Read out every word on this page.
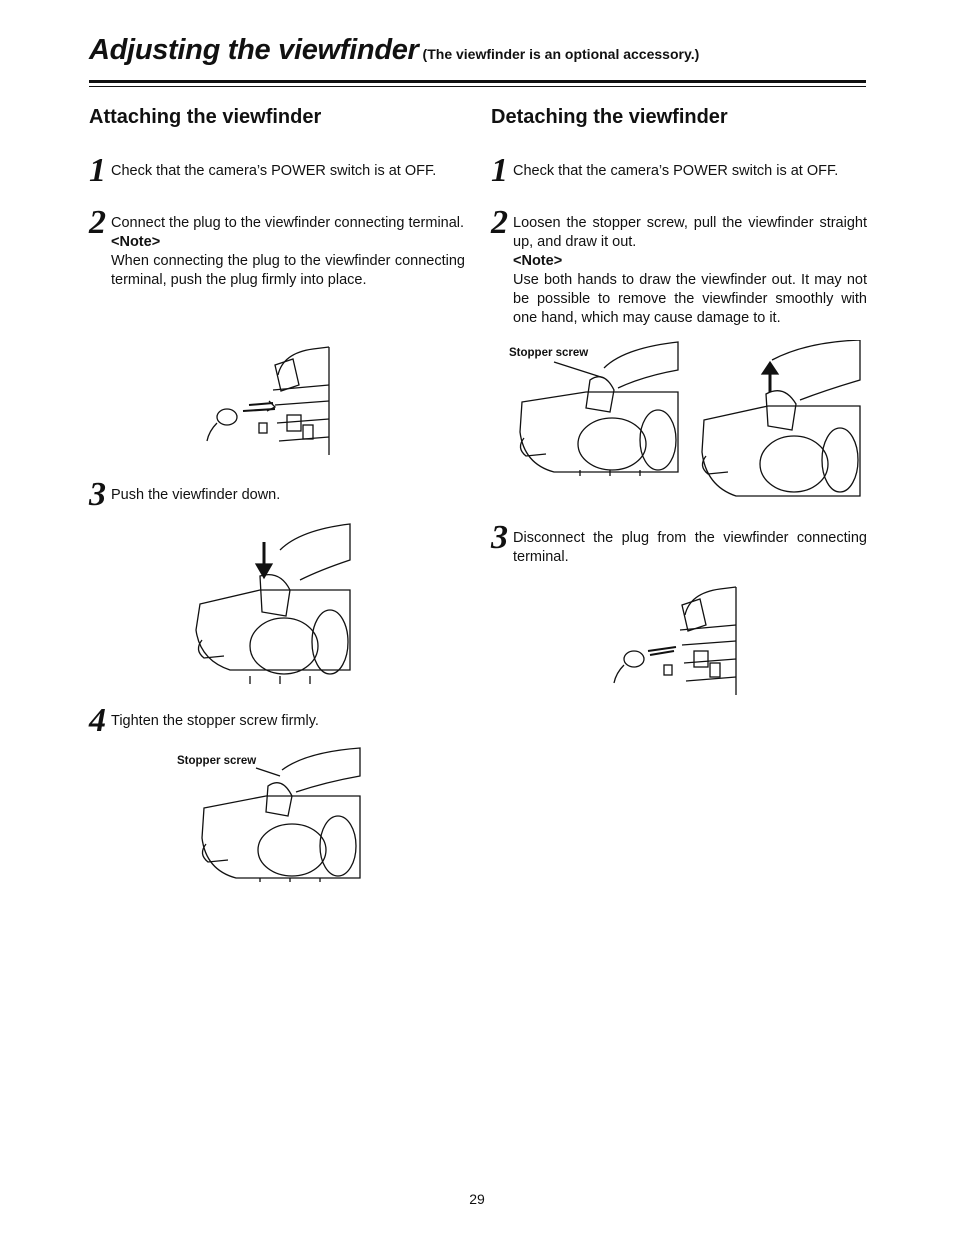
Adjusting the viewfinder (The viewfinder is an optional accessory.)
Attaching the viewfinder
1 Check that the camera’s POWER switch is at OFF.
2 Connect the plug to the viewfinder connecting terminal.
<Note>
When connecting the plug to the viewfinder connecting terminal, push the plug firmly into place.
3 Push the viewfinder down.
4 Tighten the stopper screw firmly.
Stopper screw
Detaching the viewfinder
1 Check that the camera’s POWER switch is at OFF.
2 Loosen the stopper screw, pull the viewfinder straight up, and draw it out.
<Note>
Use both hands to draw the viewfinder out. It may not be possible to remove the viewfinder smoothly with one hand, which may cause damage to it.
3 Disconnect the plug from the viewfinder connecting terminal.
Stopper screw
29
